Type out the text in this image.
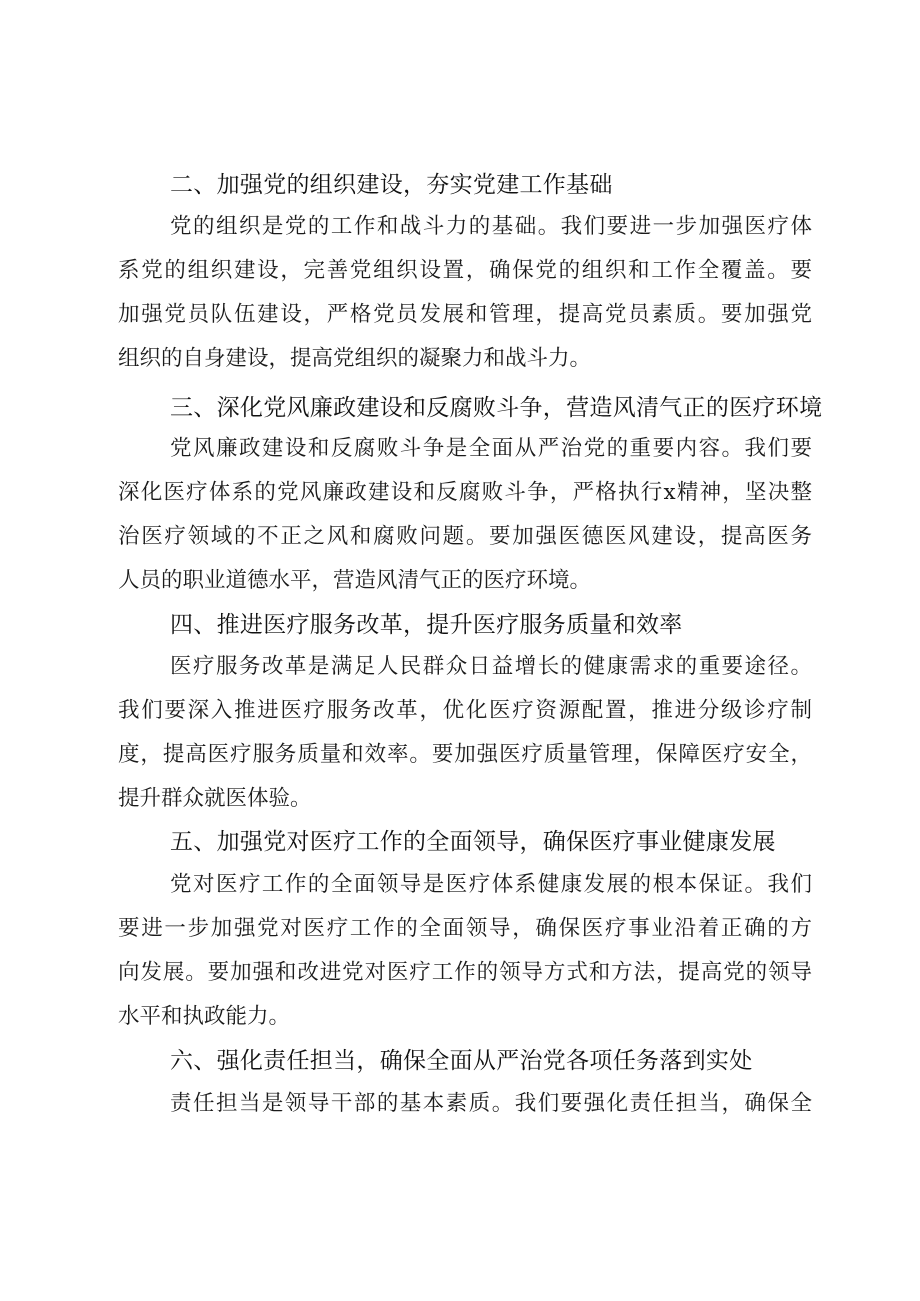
二、加强党的组织建设，夯实党建工作基础
党的组织是党的工作和战斗力的基础。我们要进一步加强医疗体
系党的组织建设，完善党组织设置，确保党的组织和工作全覆盖。要
加强党员队伍建设，严格党员发展和管理，提高党员素质。要加强党
组织的自身建设，提高党组织的凝聚力和战斗力。
三、深化党风廉政建设和反腐败斗争，营造风清气正的医疗环境
党风廉政建设和反腐败斗争是全面从严治党的重要内容。我们要
深化医疗体系的党风廉政建设和反腐败斗争，严格执行x精神，坚决整
治医疗领域的不正之风和腐败问题。要加强医德医风建设，提高医务
人员的职业道德水平，营造风清气正的医疗环境。
四、推进医疗服务改革，提升医疗服务质量和效率
医疗服务改革是满足人民群众日益增长的健康需求的重要途径。
我们要深入推进医疗服务改革，优化医疗资源配置，推进分级诊疗制
度，提高医疗服务质量和效率。要加强医疗质量管理，保障医疗安全，
提升群众就医体验。
五、加强党对医疗工作的全面领导，确保医疗事业健康发展
党对医疗工作的全面领导是医疗体系健康发展的根本保证。我们
要进一步加强党对医疗工作的全面领导，确保医疗事业沿着正确的方
向发展。要加强和改进党对医疗工作的领导方式和方法，提高党的领导
水平和执政能力。
六、强化责任担当，确保全面从严治党各项任务落到实处
责任担当是领导干部的基本素质。我们要强化责任担当，确保全
